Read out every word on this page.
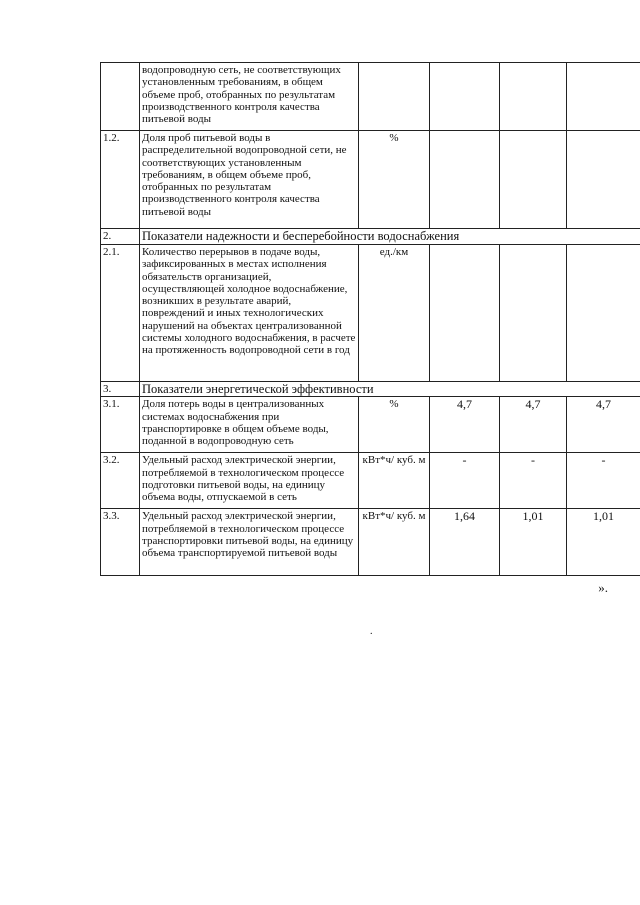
	водопроводную сеть, не соответствующих установленным требованиям, в общем объеме проб, отобранных по результатам производственного контроля качества питьевой воды				
1.2.	Доля проб питьевой воды в распределительной водопроводной сети, не соответствующих установленным требованиям, в общем объеме проб, отобранных по результатам производственного контроля качества питьевой воды	%			
2.	Показатели надежности и бесперебойности водоснабжения				
2.1.	Количество перерывов в подаче воды, зафиксированных в местах исполнения обязательств организацией, осуществляющей холодное водоснабжение, возникших в результате аварий, повреждений и иных технологических нарушений на объектах централизованной системы холодного водоснабжения, в расчете на протяженность водопроводной сети в год	ед./км			
3.	Показатели энергетической эффективности				
3.1.	Доля потерь воды в централизованных системах водоснабжения при транспортировке в общем объеме воды, поданной в водопроводную сеть	%	4,7	4,7	4,7
3.2.	Удельный расход электрической энергии, потребляемой в технологическом процессе подготовки питьевой воды, на единицу объема воды, отпускаемой в сеть	кВт*ч/ куб. м	-	-	-
3.3.	Удельный расход электрической энергии, потребляемой в технологическом процессе транспортировки питьевой воды, на единицу объема транспортируемой питьевой воды	кВт*ч/ куб. м	1,64	1,01	1,01
».
.
